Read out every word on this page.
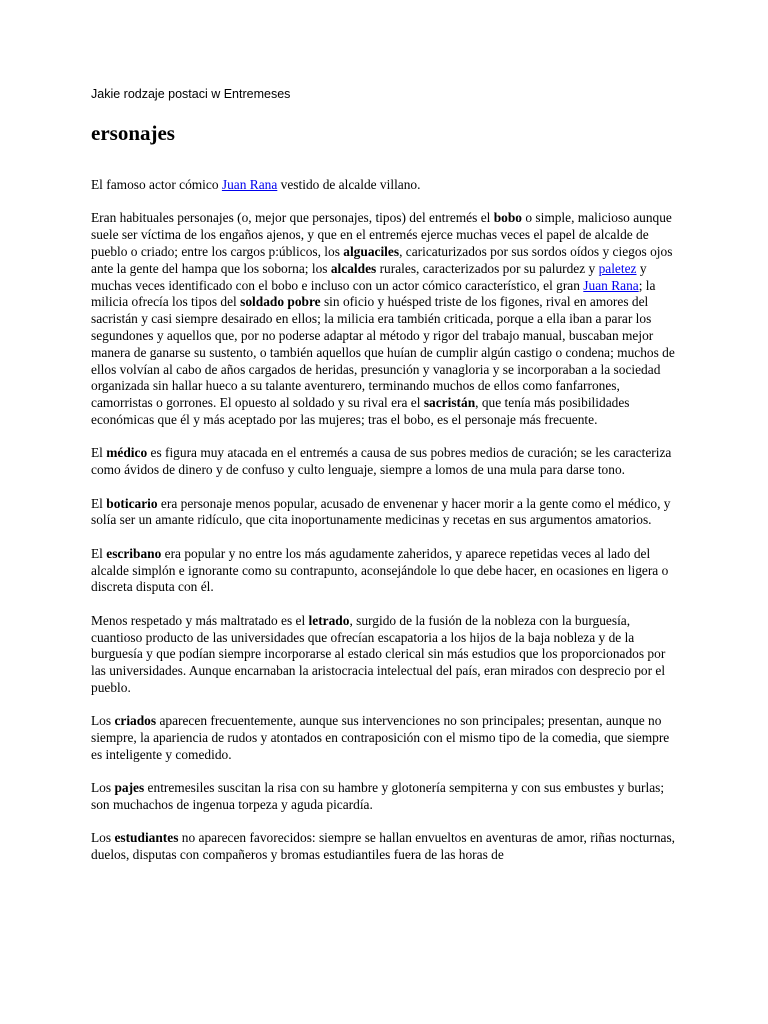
Jakie rodzaje postaci w Entremeses
ersonajes

El famoso actor cómico Juan Rana vestido de alcalde villano.

Eran habituales personajes (o, mejor que personajes, tipos) del entremés el bobo o simple, malicioso aunque suele ser víctima de los engaños ajenos, y que en el entremés ejerce muchas veces el papel de alcalde de pueblo o criado; entre los cargos p:úblicos, los alguaciles, caricaturizados por sus sordos oídos y ciegos ojos ante la gente del hampa que los soborna; los alcaldes rurales, caracterizados por su palurdez y paletez y muchas veces identificado con el bobo e incluso con un actor cómico característico, el gran Juan Rana; la milicia ofrecía los tipos del soldado pobre sin oficio y huésped triste de los figones, rival en amores del sacristán y casi siempre desairado en ellos; la milicia era también criticada, porque a ella iban a parar los segundones y aquellos que, por no poderse adaptar al método y rigor del trabajo manual, buscaban mejor manera de ganarse su sustento, o también aquellos que huían de cumplir algún castigo o condena; muchos de ellos volvían al cabo de años cargados de heridas, presunción y vanagloria y se incorporaban a la sociedad organizada sin hallar hueco a su talante aventurero, terminando muchos de ellos como fanfarrones, camorristas o gorrones. El opuesto al soldado y su rival era el sacristán, que tenía más posibilidades económicas que él y más aceptado por las mujeres; tras el bobo, es el personaje más frecuente.

El médico es figura muy atacada en el entremés a causa de sus pobres medios de curación; se les caracteriza como ávidos de dinero y de confuso y culto lenguaje, siempre a lomos de una mula para darse tono.

El boticario era personaje menos popular, acusado de envenenar y hacer morir a la gente como el médico, y solía ser un amante ridículo, que cita inoportunamente medicinas y recetas en sus argumentos amatorios.

El escribano era popular y no entre los más agudamente zaheridos, y aparece repetidas veces al lado del alcalde simplón e ignorante como su contrapunto, aconsejándole lo que debe hacer, en ocasiones en ligera o discreta disputa con él.

Menos respetado y más maltratado es el letrado, surgido de la fusión de la nobleza con la burguesía, cuantioso producto de las universidades que ofrecían escapatoria a los hijos de la baja nobleza y de la burguesía y que podían siempre incorporarse al estado clerical sin más estudios que los proporcionados por las universidades. Aunque encarnaban la aristocracia intelectual del país, eran mirados con desprecio por el pueblo.

Los criados aparecen frecuentemente, aunque sus intervenciones no son principales; presentan, aunque no siempre, la apariencia de rudos y atontados en contraposición con el mismo tipo de la comedia, que siempre es inteligente y comedido.

Los pajes entremesiles suscitan la risa con su hambre y glotonería sempiterna y con sus embustes y burlas; son muchachos de ingenua torpeza y aguda picardía.

Los estudiantes no aparecen favorecidos: siempre se hallan envueltos en aventuras de amor, riñas nocturnas, duelos, disputas con compañeros y bromas estudiantiles fuera de las horas de
